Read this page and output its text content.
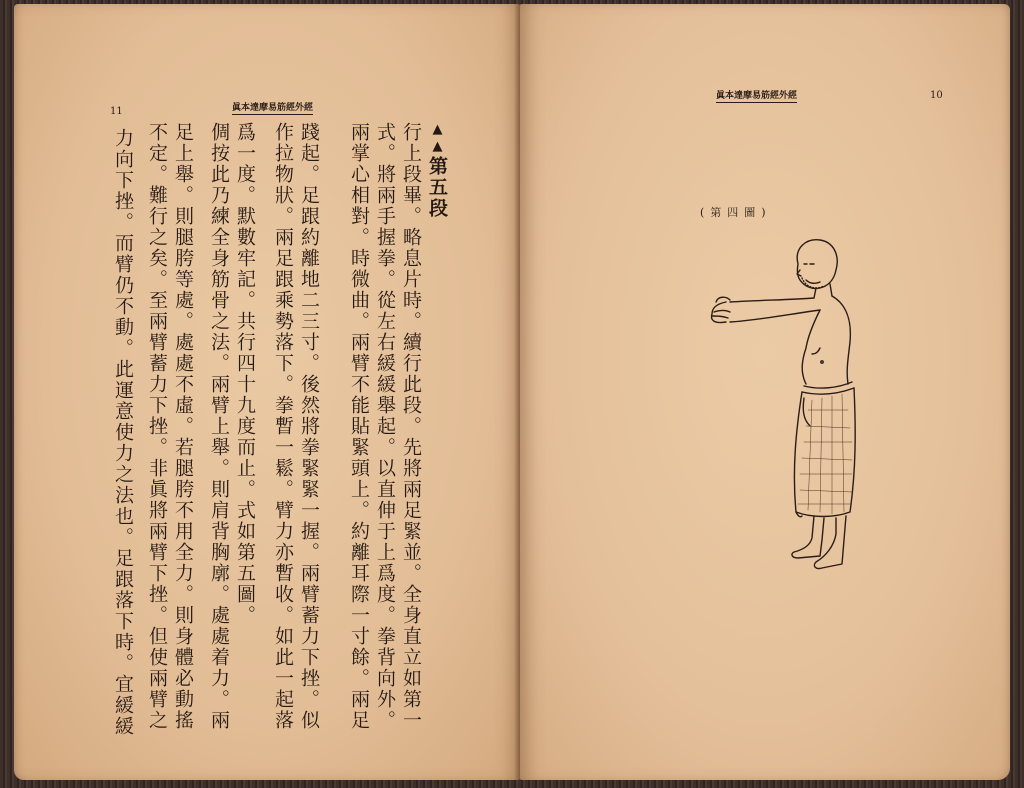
11	眞本達摩易筋經外經
▲▲第五段
行上段畢。略息片時。續行此段。先將兩足緊並。全身直立如第一
式。將兩手握拳。從左右緩緩舉起。以直伸于上爲度。拳背向外。
兩掌心相對。時微曲。兩臂不能貼緊頭上。約離耳際一寸餘。兩足
踐起。足跟約離地二三寸。後然將拳緊緊一握。兩臂蓄力下挫。似
作拉物狀。兩足跟乘勢落下。拳暫一鬆。臂力亦暫收。如此一起落
爲一度。默數牢記。共行四十九度而止。式如第五圖。
倜按此乃練全身筋骨之法。兩臂上舉。則肩背胸廓。處處着力。兩
足上舉。則腿胯等處。處處不虛。若腿胯不用全力。則身體必動搖
不定。難行之矣。至兩臂蓄力下挫。非眞將兩臂下挫。但使兩臂之
力向下挫。而臂仍不動。此運意使力之法也。足跟落下時。宜緩緩
眞本達摩易筋經外經	10
(第四圖)
